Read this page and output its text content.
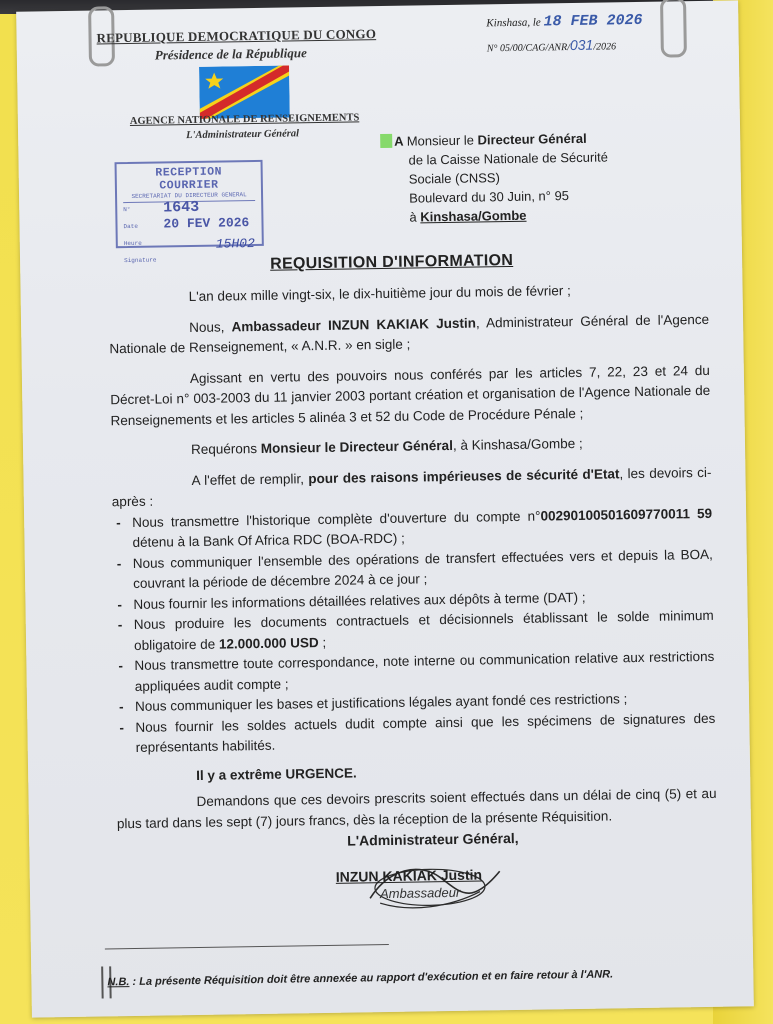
REPUBLIQUE DEMOCRATIQUE DU CONGO
Présidence de la République
AGENCE NATIONALE DE RENSEIGNEMENTS
L'Administrateur Général
Kinshasa, le 18 FEB 2026
N° 05/00/CAG/ANR/031/2026
RECEPTION COURRIER
SECRETARIAT DU DIRECTEUR GENERAL
N° 1643
Date 20 FEV 2026
Heure	15H02
Signature
A Monsieur le Directeur Général
de la Caisse Nationale de Sécurité
Sociale (CNSS)
Boulevard du 30 Juin, n° 95
à Kinshasa/Gombe
REQUISITION D'INFORMATION

L'an deux mille vingt-six, le dix-huitième jour du mois de février ;

Nous, Ambassadeur INZUN KAKIAK Justin, Administrateur Général de l'Agence Nationale de Renseignement, « A.N.R. » en sigle ;

Agissant en vertu des pouvoirs nous conférés par les articles 7, 22, 23 et 24 du Décret-Loi n° 003-2003 du 11 janvier 2003 portant création et organisation de l'Agence Nationale de Renseignements et les articles 5 alinéa 3 et 52 du Code de Procédure Pénale ;

Requérons Monsieur le Directeur Général, à Kinshasa/Gombe ;

A l'effet de remplir, pour des raisons impérieuses de sécurité d'Etat, les devoirs ci-après :

- Nous transmettre l'historique complète d'ouverture du compte n°00290100501609770011 59 détenu à la Bank Of Africa RDC (BOA-RDC) ;
- Nous communiquer l'ensemble des opérations de transfert effectuées vers et depuis la BOA, couvrant la période de décembre 2024 à ce jour ;
- Nous fournir les informations détaillées relatives aux dépôts à terme (DAT) ;
- Nous produire les documents contractuels et décisionnels établissant le solde minimum obligatoire de 12.000.000 USD ;
- Nous transmettre toute correspondance, note interne ou communication relative aux restrictions appliquées audit compte ;
- Nous communiquer les bases et justifications légales ayant fondé ces restrictions ;
- Nous fournir les soldes actuels dudit compte ainsi que les spécimens de signatures des représentants habilités.
Il y a extrême URGENCE.

Demandons que ces devoirs prescrits soient effectués dans un délai de cinq (5) et au plus tard dans les sept (7) jours francs, dès la réception de la présente Réquisition.

L'Administrateur Général,
INZUN KAKIAK Justin
Ambassadeur
N.B. : La présente Réquisition doit être annexée au rapport d'exécution et en faire retour à l'ANR.
